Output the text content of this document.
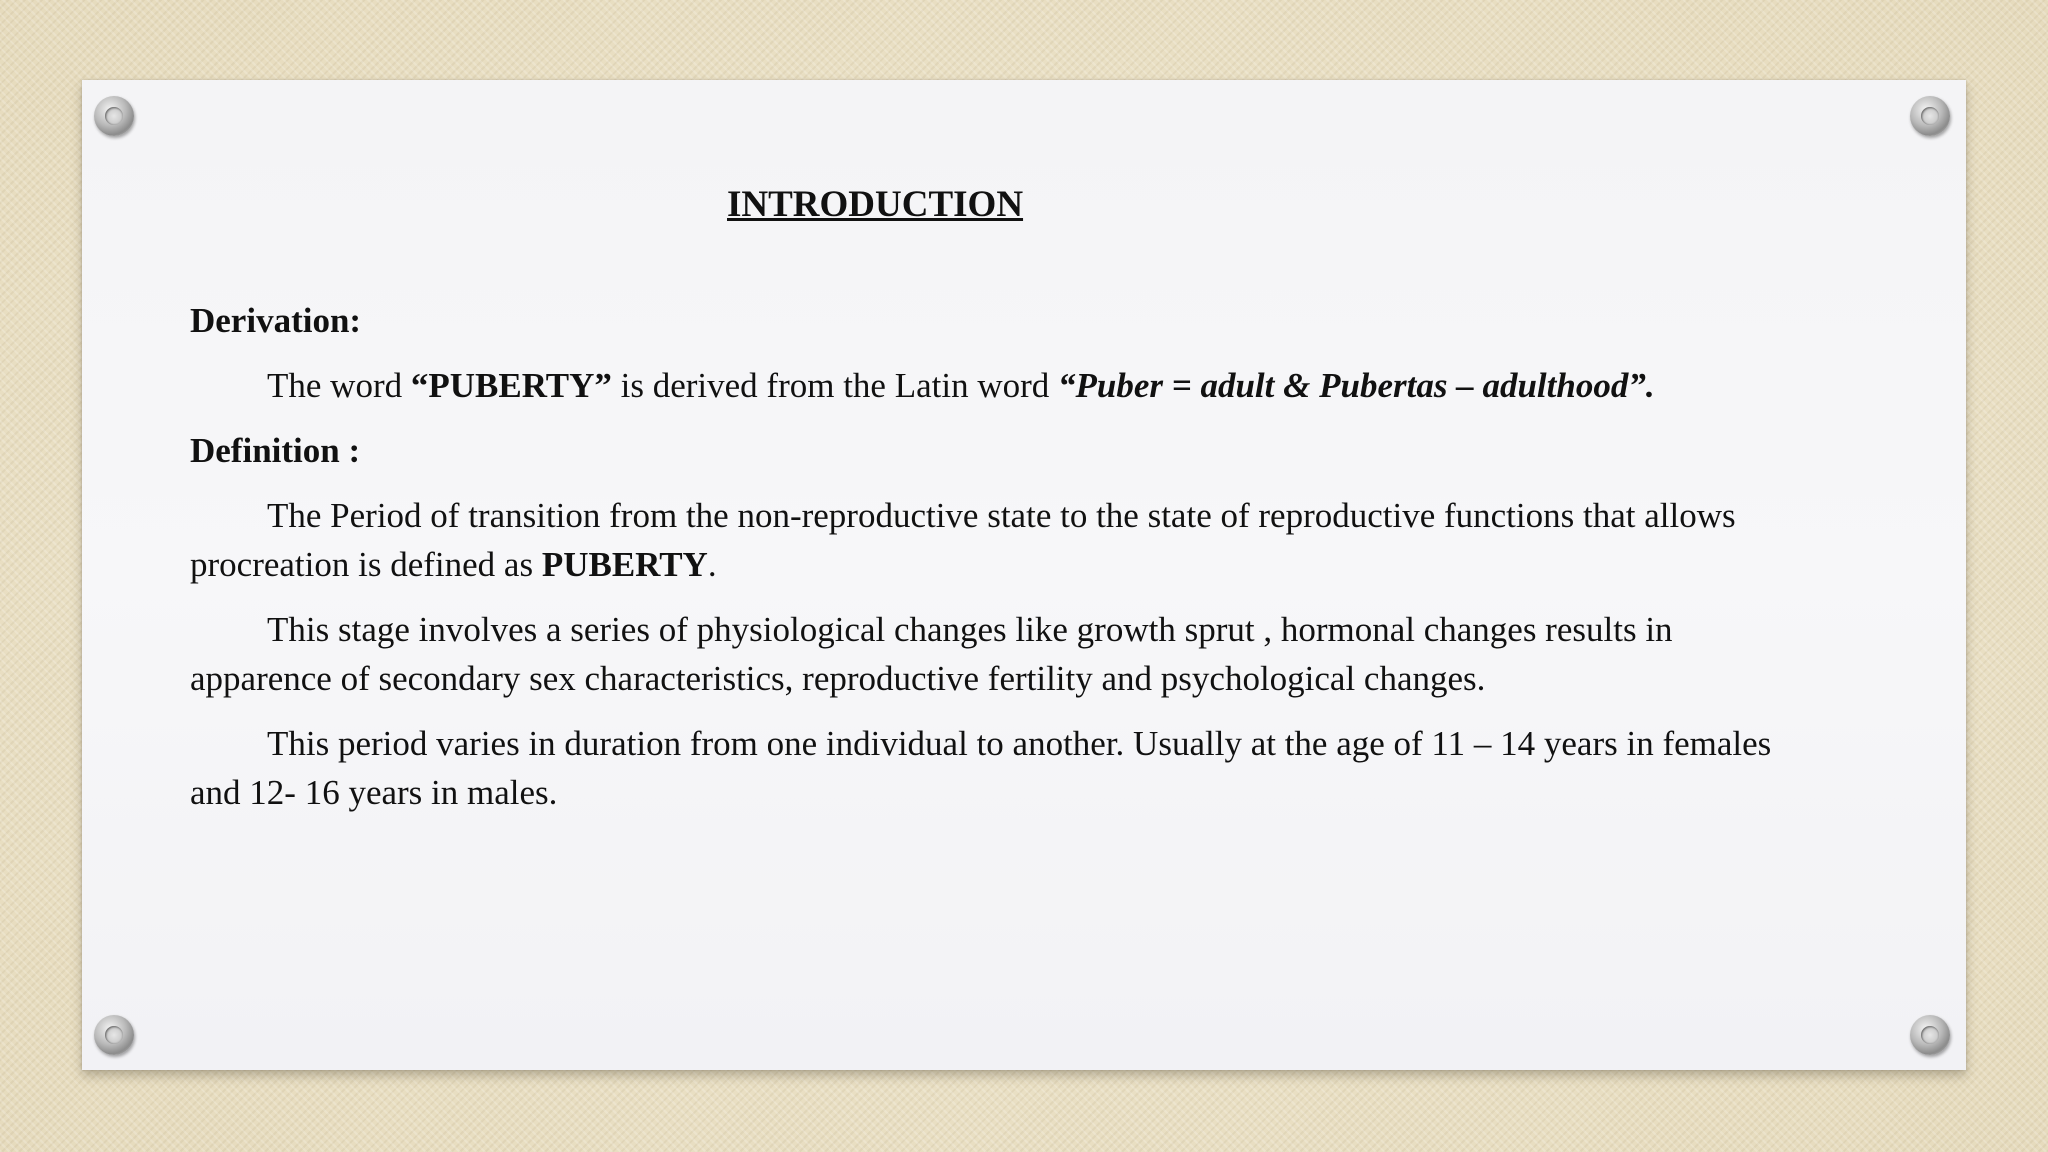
INTRODUCTION

Derivation:

The word “PUBERTY” is derived from the Latin word “Puber = adult & Pubertas – adulthood”.

Definition :

The Period of transition from the non-reproductive state to the state of reproductive functions that allows procreation is defined as PUBERTY.

This stage involves a series of physiological changes like growth sprut , hormonal changes results in apparence of secondary sex characteristics, reproductive fertility and psychological changes.

This period varies in duration from one individual to another. Usually at the age of 11 – 14 years in females and 12- 16 years in males.
